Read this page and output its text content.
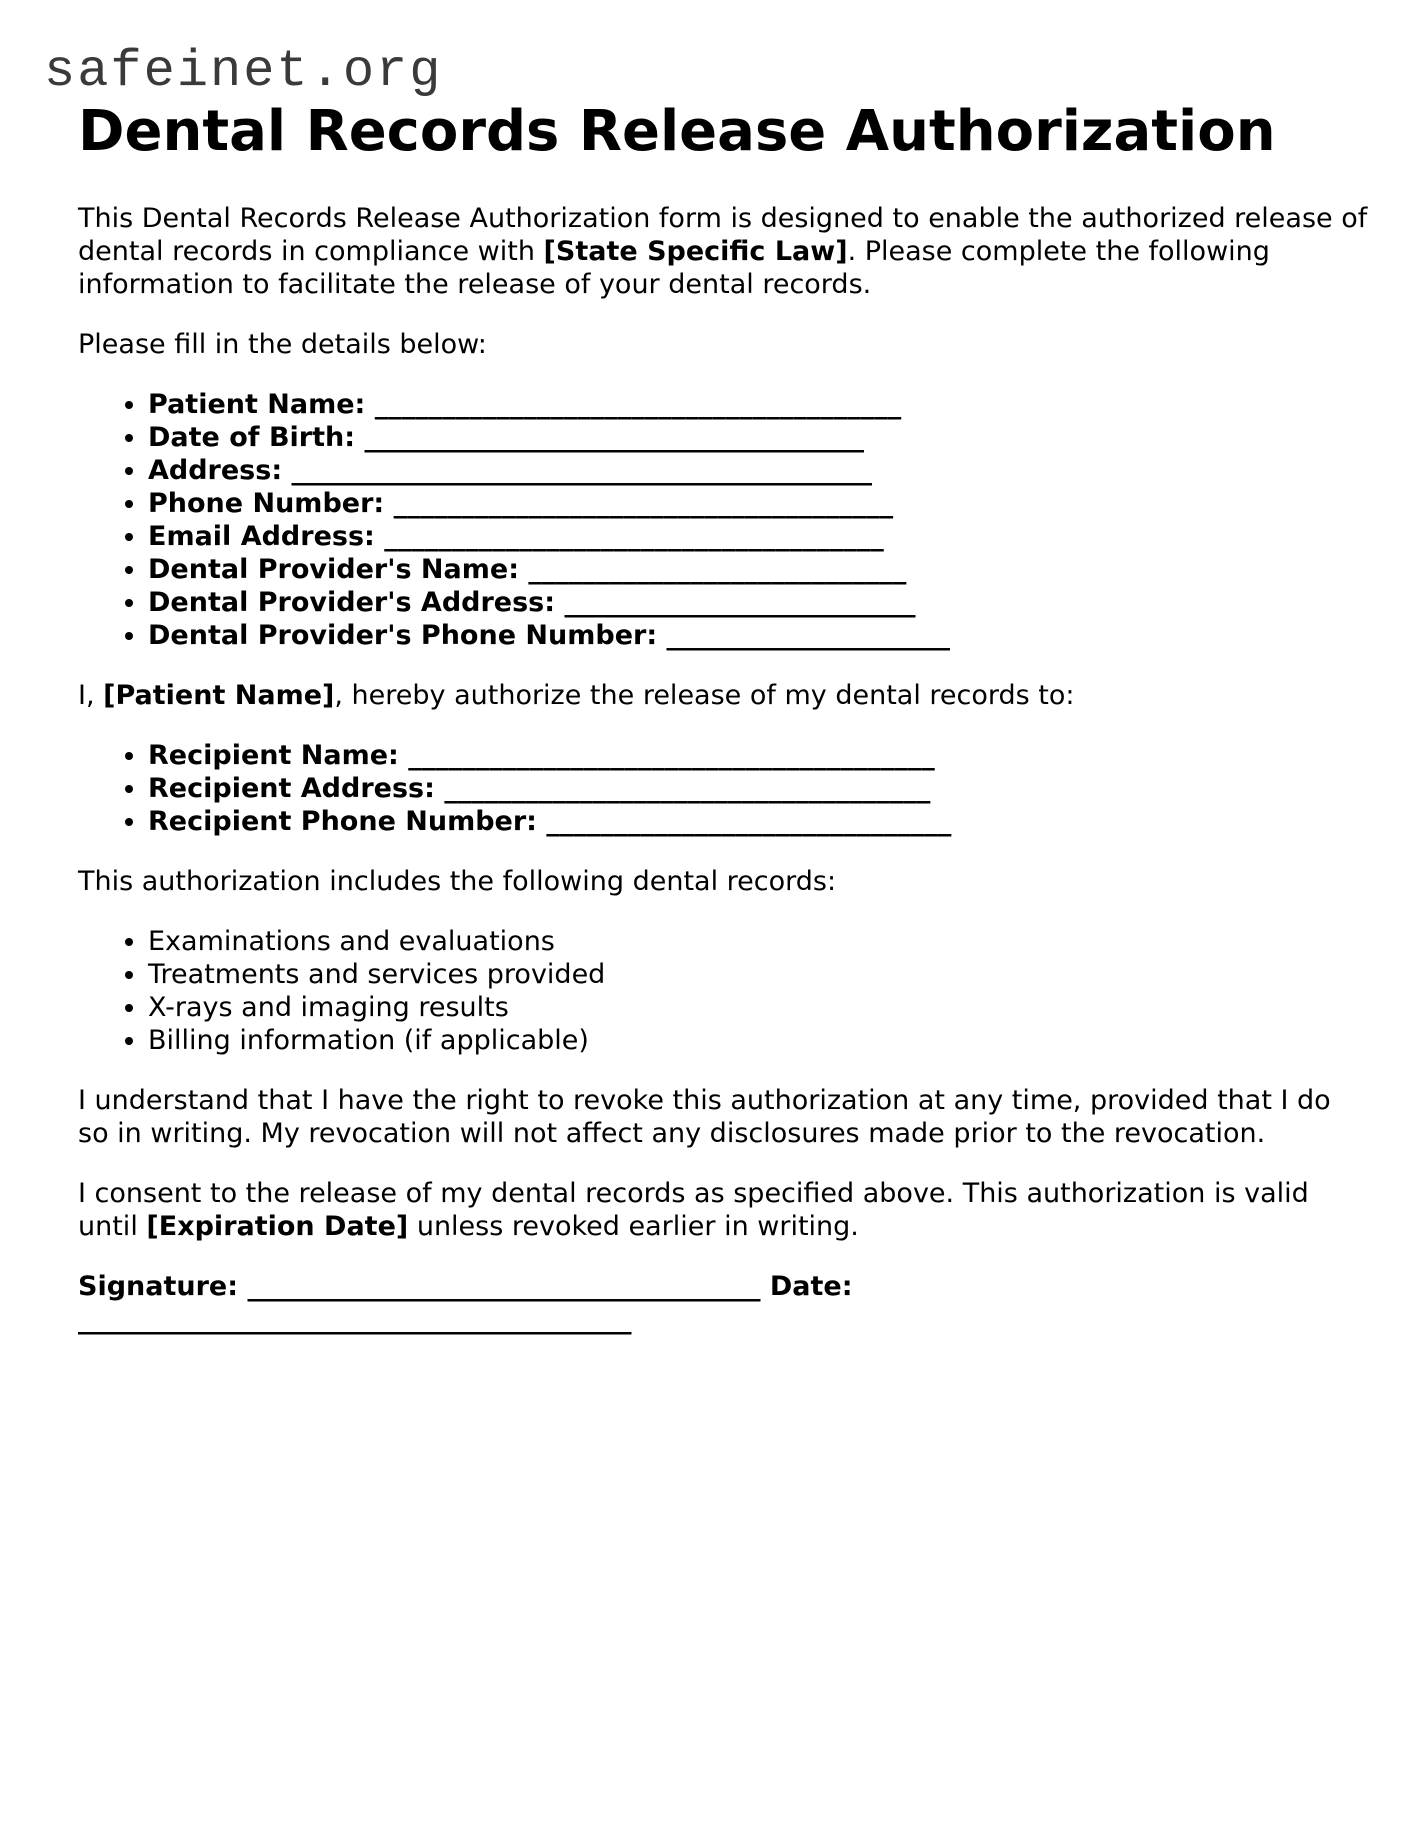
safeinet.org
Dental Records Release Authorization

This Dental Records Release Authorization form is designed to enable the authorized release of dental records in compliance with [State Specific Law]. Please complete the following information to facilitate the release of your dental records.

Please fill in the details below:

• Patient Name: _______________________________________
• Date of Birth: _____________________________________
• Address: ___________________________________________
• Phone Number: _____________________________________
• Email Address: _____________________________________
• Dental Provider's Name: ____________________________
• Dental Provider's Address: __________________________
• Dental Provider's Phone Number: _____________________

I, [Patient Name], hereby authorize the release of my dental records to:

• Recipient Name: _______________________________________
• Recipient Address: ____________________________________
• Recipient Phone Number: ______________________________

This authorization includes the following dental records:

• Examinations and evaluations
• Treatments and services provided
• X-rays and imaging results
• Billing information (if applicable)

I understand that I have the right to revoke this authorization at any time, provided that I do so in writing. My revocation will not affect any disclosures made prior to the revocation.

I consent to the release of my dental records as specified above. This authorization is valid until [Expiration Date] unless revoked earlier in writing.

Signature: ______________________________________ Date: _________________________________________
